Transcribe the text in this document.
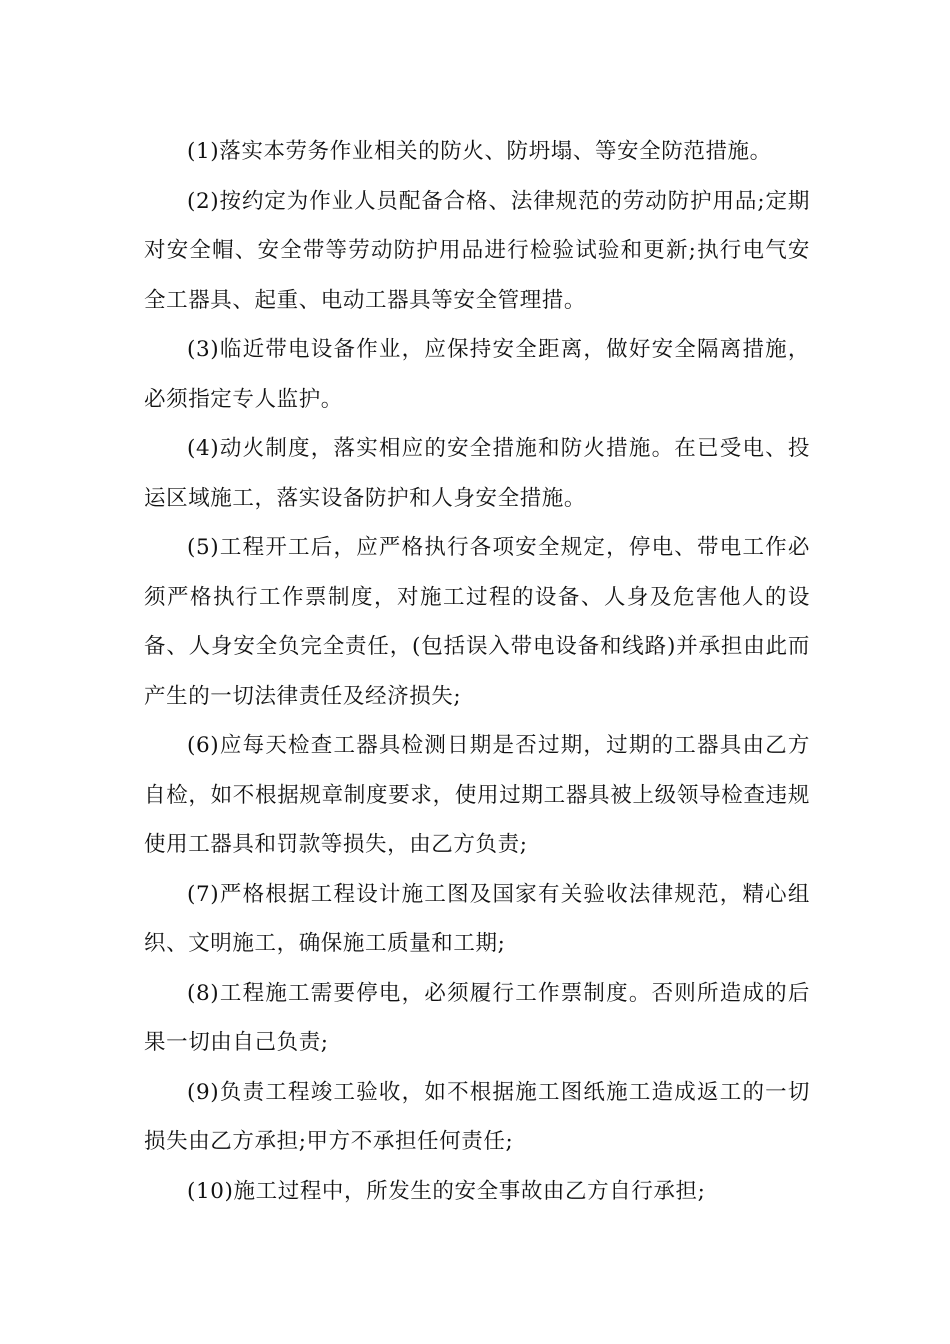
(1)落实本劳务作业相关的防火、防坍塌、等安全防范措施。

(2)按约定为作业人员配备合格、法律规范的劳动防护用品;定期对安全帽、安全带等劳动防护用品进行检验试验和更新;执行电气安全工器具、起重、电动工器具等安全管理措。

(3)临近带电设备作业，应保持安全距离，做好安全隔离措施，必须指定专人监护。

(4)动火制度，落实相应的安全措施和防火措施。在已受电、投运区域施工，落实设备防护和人身安全措施。

(5)工程开工后，应严格执行各项安全规定，停电、带电工作必须严格执行工作票制度，对施工过程的设备、人身及危害他人的设备、人身安全负完全责任，(包括误入带电设备和线路)并承担由此而产生的一切法律责任及经济损失;

(6)应每天检查工器具检测日期是否过期，过期的工器具由乙方自检，如不根据规章制度要求，使用过期工器具被上级领导检查违规使用工器具和罚款等损失，由乙方负责;

(7)严格根据工程设计施工图及国家有关验收法律规范，精心组织、文明施工，确保施工质量和工期;

(8)工程施工需要停电，必须履行工作票制度。否则所造成的后果一切由自己负责;

(9)负责工程竣工验收，如不根据施工图纸施工造成返工的一切损失由乙方承担;甲方不承担任何责任;

(10)施工过程中，所发生的安全事故由乙方自行承担;
